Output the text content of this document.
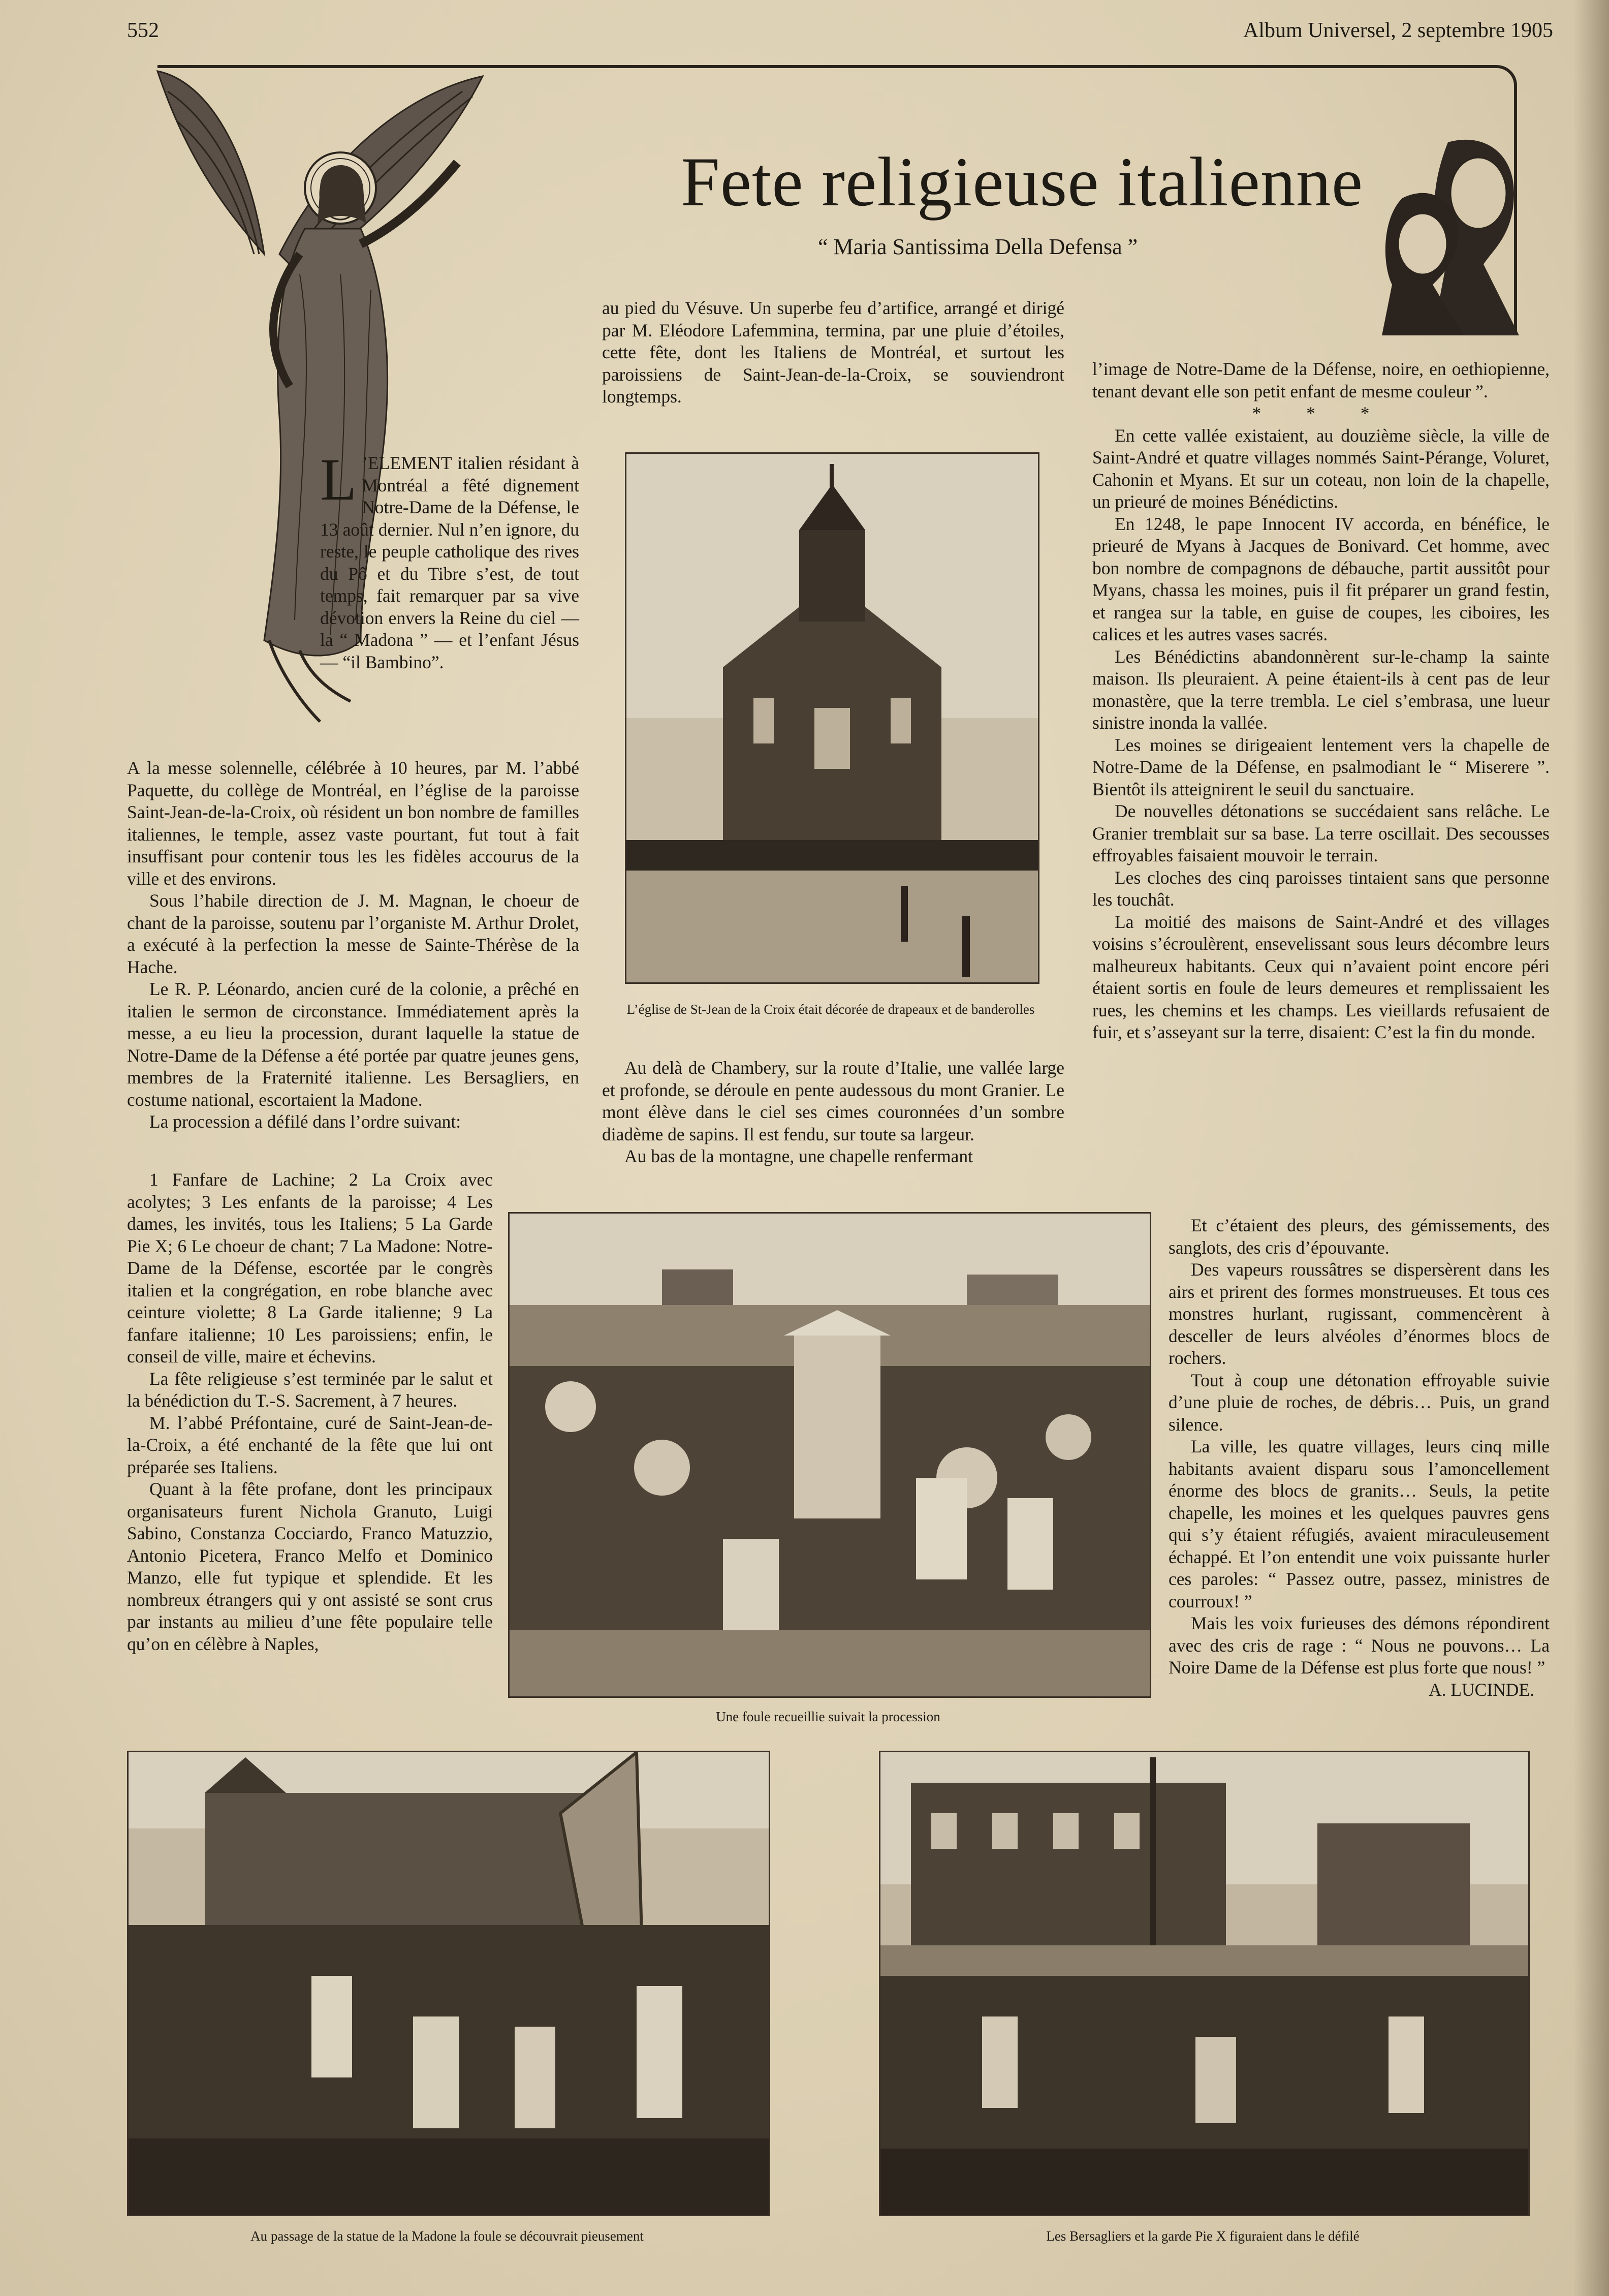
552	Album Universel, 2 septembre 1905
Fete religieuse italienne
“ Maria Santissima Della Defensa ”

L ’ELEMENT italien résidant à Montréal a fêté dignement Notre-Dame de la Défense, le 13 août dernier. Nul n’en ignore, du reste, le peuple catholique des rives du Pô et du Tibre s’est, de tout temps, fait remarquer par sa vive dévotion envers la Reine du ciel — la “ Madona ” — et l’enfant Jésus — “il Bambino”.

A la messe solennelle, célébrée à 10 heures, par M. l’abbé Paquette, du collège de Montréal, en l’église de la paroisse Saint-Jean-de-la-Croix, où résident un bon nombre de familles italiennes, le temple, assez vaste pourtant, fut tout à fait insuffisant pour contenir tous les les fidèles accourus de la ville et des environs.

Sous l’habile direction de J. M. Magnan, le choeur de chant de la paroisse, soutenu par l’organiste M. Arthur Drolet, a exécuté à la perfection la messe de Sainte-Thérèse de la Hache.

Le R. P. Léonardo, ancien curé de la colonie, a prêché en italien le sermon de circonstance. Immédiatement après la messe, a eu lieu la procession, durant laquelle la statue de Notre-Dame de la Défense a été portée par quatre jeunes gens, membres de la Fraternité italienne. Les Bersagliers, en costume national, escortaient la Madone.

La procession a défilé dans l’ordre suivant:

1 Fanfare de Lachine; 2 La Croix avec acolytes; 3 Les enfants de la paroisse; 4 Les dames, les invités, tous les Italiens; 5 La Garde Pie X; 6 Le choeur de chant; 7 La Madone: Notre-Dame de la Défense, escortée par le congrès italien et la congrégation, en robe blanche avec ceinture violette; 8 La Garde italienne; 9 La fanfare italienne; 10 Les paroissiens; enfin, le conseil de ville, maire et échevins.

La fête religieuse s’est terminée par le salut et la bénédiction du T.-S. Sacrement, à 7 heures.

M. l’abbé Préfontaine, curé de Saint-Jean-de-la-Croix, a été enchanté de la fête que lui ont préparée ses Italiens.

Quant à la fête profane, dont les principaux organisateurs furent Nichola Granuto, Luigi Sabino, Constanza Cocciardo, Franco Matuzzio, Antonio Picetera, Franco Melfo et Dominico Manzo, elle fut typique et splendide. Et les nombreux étrangers qui y ont assisté se sont crus par instants au milieu d’une fête populaire telle qu’on en célèbre à Naples,

au pied du Vésuve. Un superbe feu d’artifice, arrangé et dirigé par M. Eléodore Lafemmina, termina, par une pluie d’étoiles, cette fête, dont les Italiens de Montréal, et surtout les paroissiens de Saint-Jean-de-la-Croix, se souviendront longtemps.

L’église de St-Jean de la Croix était décorée de drapeaux et de banderolles

Au delà de Chambery, sur la route d’Italie, une vallée large et profonde, se déroule en pente audessous du mont Granier. Le mont élève dans le ciel ses cimes couronnées d’un sombre diadème de sapins. Il est fendu, sur toute sa largeur.

Au bas de la montagne, une chapelle renfermant

l’image de Notre-Dame de la Défense, noire, en oethiopienne, tenant devant elle son petit enfant de mesme couleur ”.

* * *

En cette vallée existaient, au douzième siècle, la ville de Saint-André et quatre villages nommés Saint-Pérange, Voluret, Cahonin et Myans. Et sur un coteau, non loin de la chapelle, un prieuré de moines Bénédictins.

En 1248, le pape Innocent IV accorda, en bénéfice, le prieuré de Myans à Jacques de Bonivard. Cet homme, avec bon nombre de compagnons de débauche, partit aussitôt pour Myans, chassa les moines, puis il fit préparer un grand festin, et rangea sur la table, en guise de coupes, les ciboires, les calices et les autres vases sacrés.

Les Bénédictins abandonnèrent sur-le-champ la sainte maison. Ils pleuraient. A peine étaient-ils à cent pas de leur monastère, que la terre trembla. Le ciel s’embrasa, une lueur sinistre inonda la vallée.

Les moines se dirigeaient lentement vers la chapelle de Notre-Dame de la Défense, en psalmodiant le “ Miserere ”. Bientôt ils atteignirent le seuil du sanctuaire.

De nouvelles détonations se succédaient sans relâche. Le Granier tremblait sur sa base. La terre oscillait. Des secousses effroyables faisaient mouvoir le terrain.

Les cloches des cinq paroisses tintaient sans que personne les touchât.

La moitié des maisons de Saint-André et des villages voisins s’écroulèrent, ensevelissant sous leurs décombre leurs malheureux habitants. Ceux qui n’avaient point encore péri étaient sortis en foule de leurs demeures et remplissaient les rues, les chemins et les champs. Les vieillards refusaient de fuir, et s’asseyant sur la terre, disaient: C’est la fin du monde.

Et c’étaient des pleurs, des gémissements, des sanglots, des cris d’épouvante.

Des vapeurs roussâtres se dispersèrent dans les airs et prirent des formes monstrueuses. Et tous ces monstres hurlant, rugissant, commencèrent à desceller de leurs alvéoles d’énormes blocs de rochers.

Tout à coup une détonation effroyable suivie d’une pluie de roches, de débris… Puis, un grand silence.

La ville, les quatre villages, leurs cinq mille habitants avaient disparu sous l’amoncellement énorme des blocs de granits… Seuls, la petite chapelle, les moines et les quelques pauvres gens qui s’y étaient réfugiés, avaient miraculeusement échappé. Et l’on entendit une voix puissante hurler ces paroles: “ Passez outre, passez, ministres de courroux! ”

Mais les voix furieuses des démons répondirent avec des cris de rage : “ Nous ne pouvons… La Noire Dame de la Défense est plus forte que nous! ”

A. LUCINDE.

Une foule recueillie suivait la procession
Au passage de la statue de la Madone la foule se découvrait pieusement	Les Bersagliers et la garde Pie X figuraient dans le défilé
